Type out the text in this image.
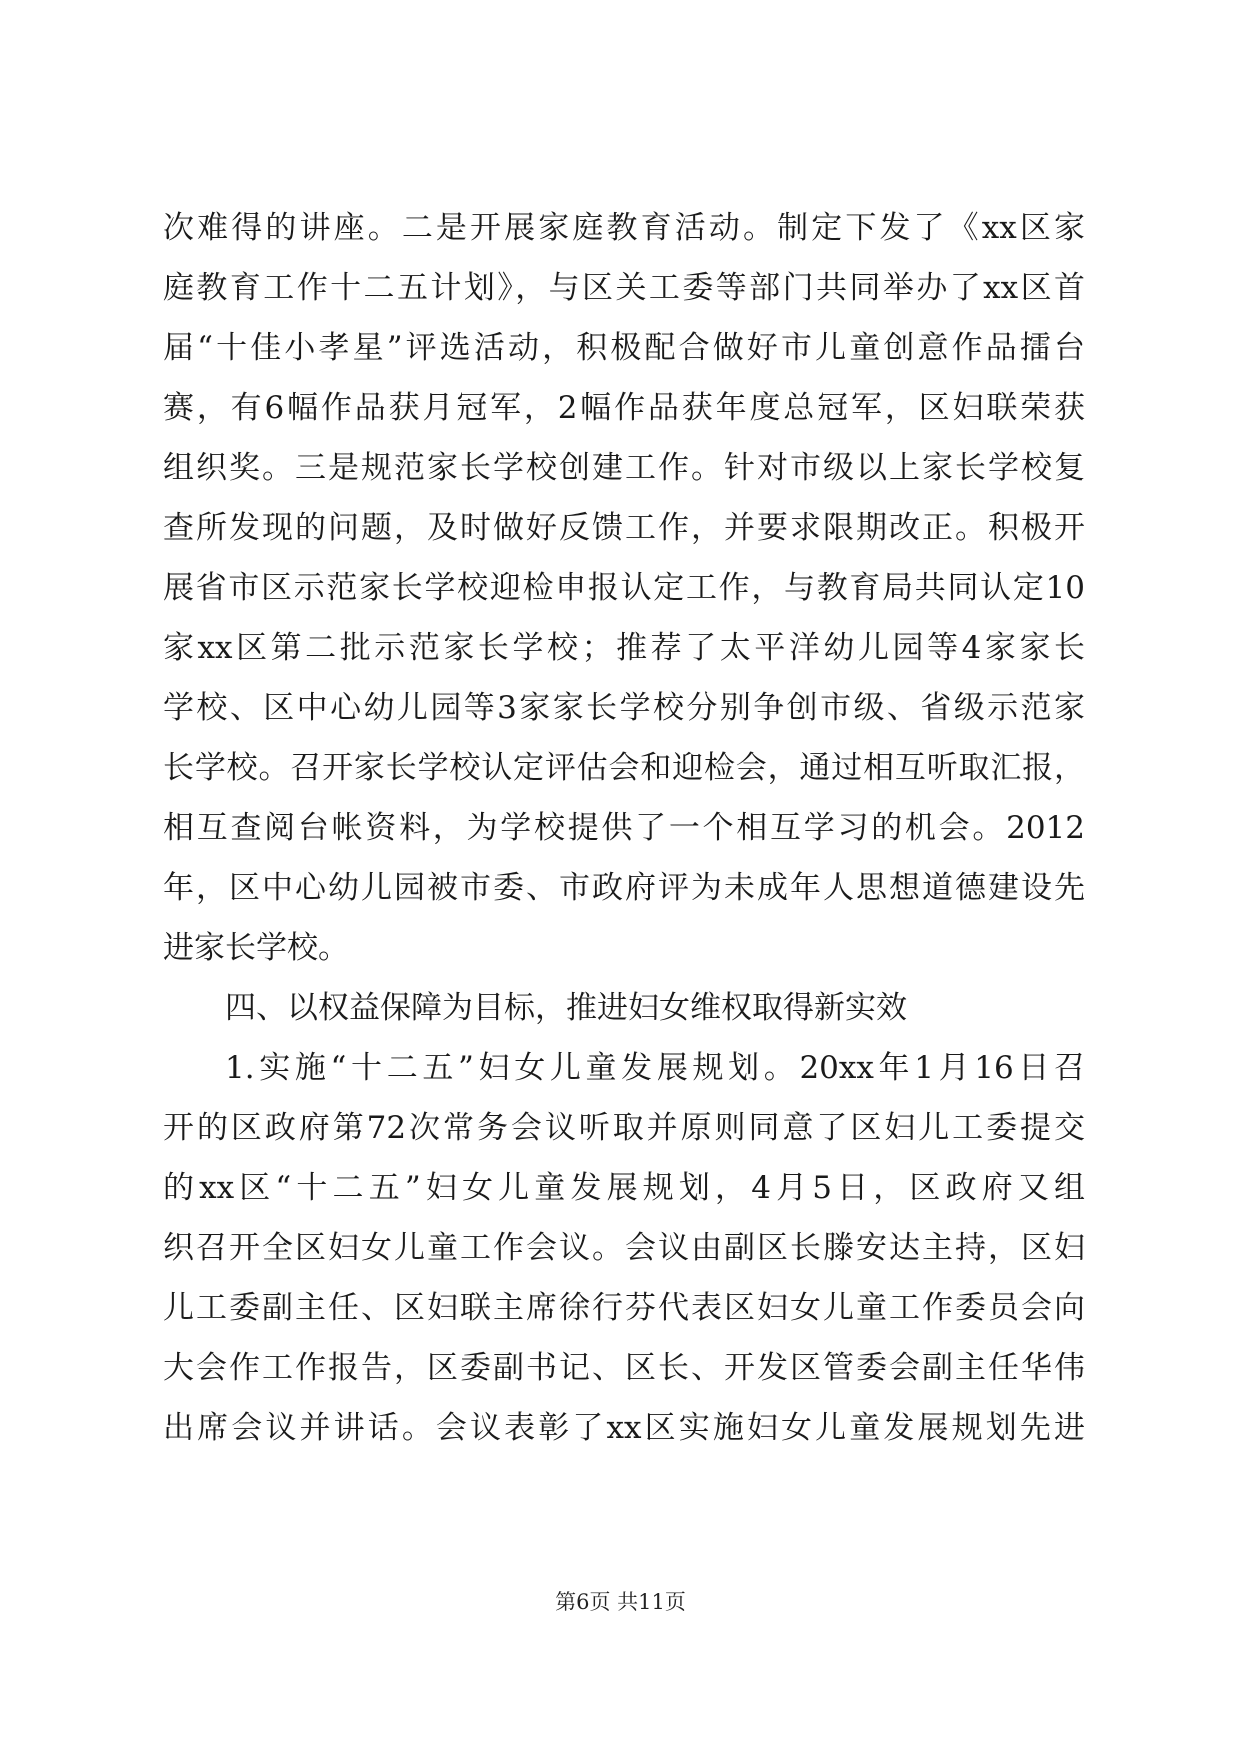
次难得的讲座。二是开展家庭教育活动。制定下发了《xx区家
庭教育工作十二五计划》，与区关工委等部门共同举办了xx区首
届“十佳小孝星”评选活动，积极配合做好市儿童创意作品擂台
赛，有6幅作品获月冠军，2幅作品获年度总冠军，区妇联荣获
组织奖。三是规范家长学校创建工作。针对市级以上家长学校复
查所发现的问题，及时做好反馈工作，并要求限期改正。积极开
展省市区示范家长学校迎检申报认定工作，与教育局共同认定10
家xx区第二批示范家长学校；推荐了太平洋幼儿园等4家家长
学校、区中心幼儿园等3家家长学校分别争创市级、省级示范家
长学校。召开家长学校认定评估会和迎检会，通过相互听取汇报，
相互查阅台帐资料，为学校提供了一个相互学习的机会。2012
年，区中心幼儿园被市委、市政府评为未成年人思想道德建设先
进家长学校。
四、以权益保障为目标，推进妇女维权取得新实效
1.实施“十二五”妇女儿童发展规划。20xx年1月16日召
开的区政府第72次常务会议听取并原则同意了区妇儿工委提交
的xx区“十二五”妇女儿童发展规划，4月5日，区政府又组
织召开全区妇女儿童工作会议。会议由副区长滕安达主持，区妇
儿工委副主任、区妇联主席徐行芬代表区妇女儿童工作委员会向
大会作工作报告，区委副书记、区长、开发区管委会副主任华伟
出席会议并讲话。会议表彰了xx区实施妇女儿童发展规划先进
第6页 共11页
